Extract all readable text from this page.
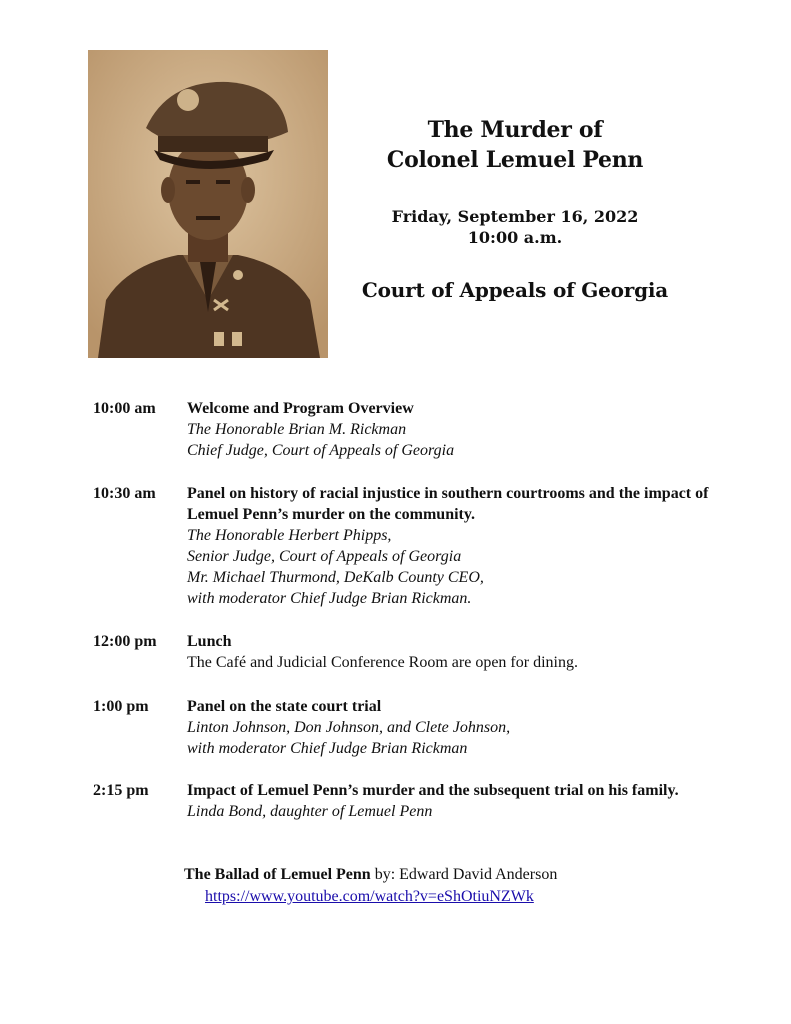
The Murder of
Colonel Lemuel Penn
Friday, September 16, 2022
10:00 a.m.
Court of Appeals of Georgia
10:00 am	Welcome and Program Overview
The Honorable Brian M. Rickman
Chief Judge, Court of Appeals of Georgia
10:30 am	Panel on history of racial injustice in southern courtrooms and the impact of Lemuel Penn’s murder on the community.
The Honorable Herbert Phipps,
Senior Judge, Court of Appeals of Georgia
Mr. Michael Thurmond, DeKalb County CEO,
with moderator Chief Judge Brian Rickman.
12:00 pm	Lunch
The Café and Judicial Conference Room are open for dining.
1:00 pm	Panel on the state court trial
Linton Johnson, Don Johnson, and Clete Johnson,
with moderator Chief Judge Brian Rickman
2:15 pm	Impact of Lemuel Penn’s murder and the subsequent trial on his family.
Linda Bond, daughter of Lemuel Penn
The Ballad of Lemuel Penn by: Edward David Anderson
https://www.youtube.com/watch?v=eShOtiuNZWk
